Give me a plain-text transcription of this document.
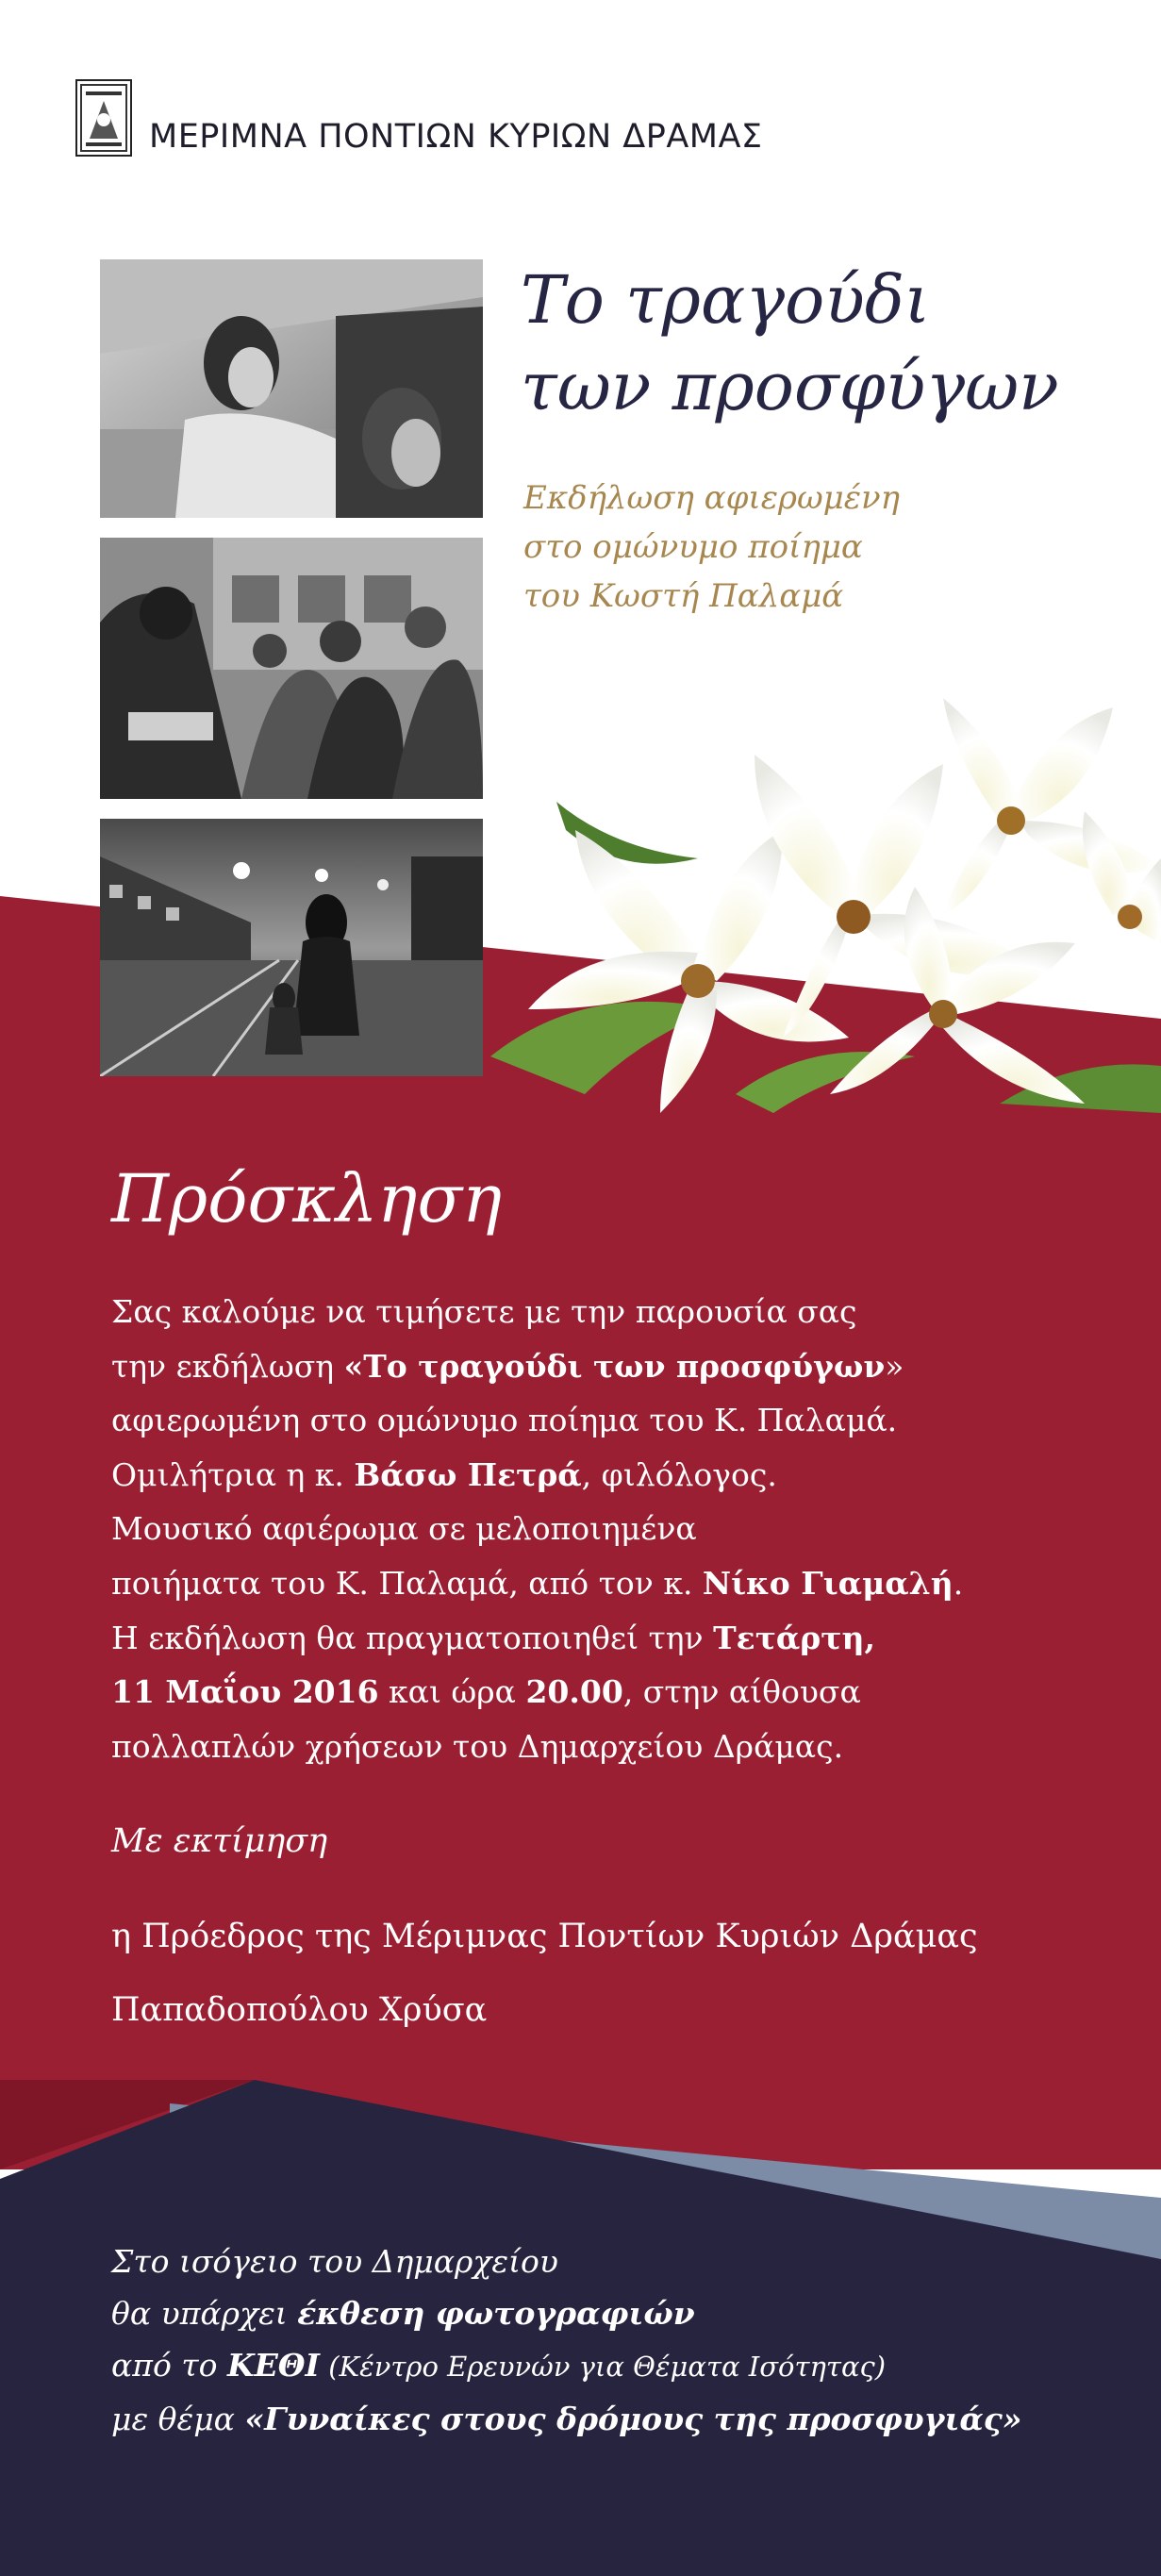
ΜΕΡΙΜΝΑ ΠΟΝΤΙΩΝ ΚΥΡΙΩΝ ΔΡΑΜΑΣ
Το τραγούδι
των προσφύγων
Εκδήλωση αφιερωμένη
στο ομώνυμο ποίημα
του Κωστή Παλαμά
Πρόσκληση
Σας καλούμε να τιμήσετε με την παρουσία σας
την εκδήλωση «Το τραγούδι των προσφύγων»
αφιερωμένη στο ομώνυμο ποίημα του Κ. Παλαμά.
Ομιλήτρια η κ. Βάσω Πετρά, φιλόλογος.
Μουσικό αφιέρωμα σε μελοποιημένα
ποιήματα του Κ. Παλαμά, από τον κ. Νίκο Γιαμαλή.
Η εκδήλωση θα πραγματοποιηθεί την Τετάρτη,
11 Μαΐου 2016 και ώρα 20.00, στην αίθουσα
πολλαπλών χρήσεων του Δημαρχείου Δράμας.
Με εκτίμηση
η Πρόεδρος της Μέριμνας Ποντίων Κυριών Δράμας
Παπαδοπούλου Χρύσα
Στο ισόγειο του Δημαρχείου
θα υπάρχει έκθεση φωτογραφιών
από το ΚΕΘΙ (Κέντρο Ερευνών για Θέματα Ισότητας)
με θέμα «Γυναίκες στους δρόμους της προσφυγιάς»
